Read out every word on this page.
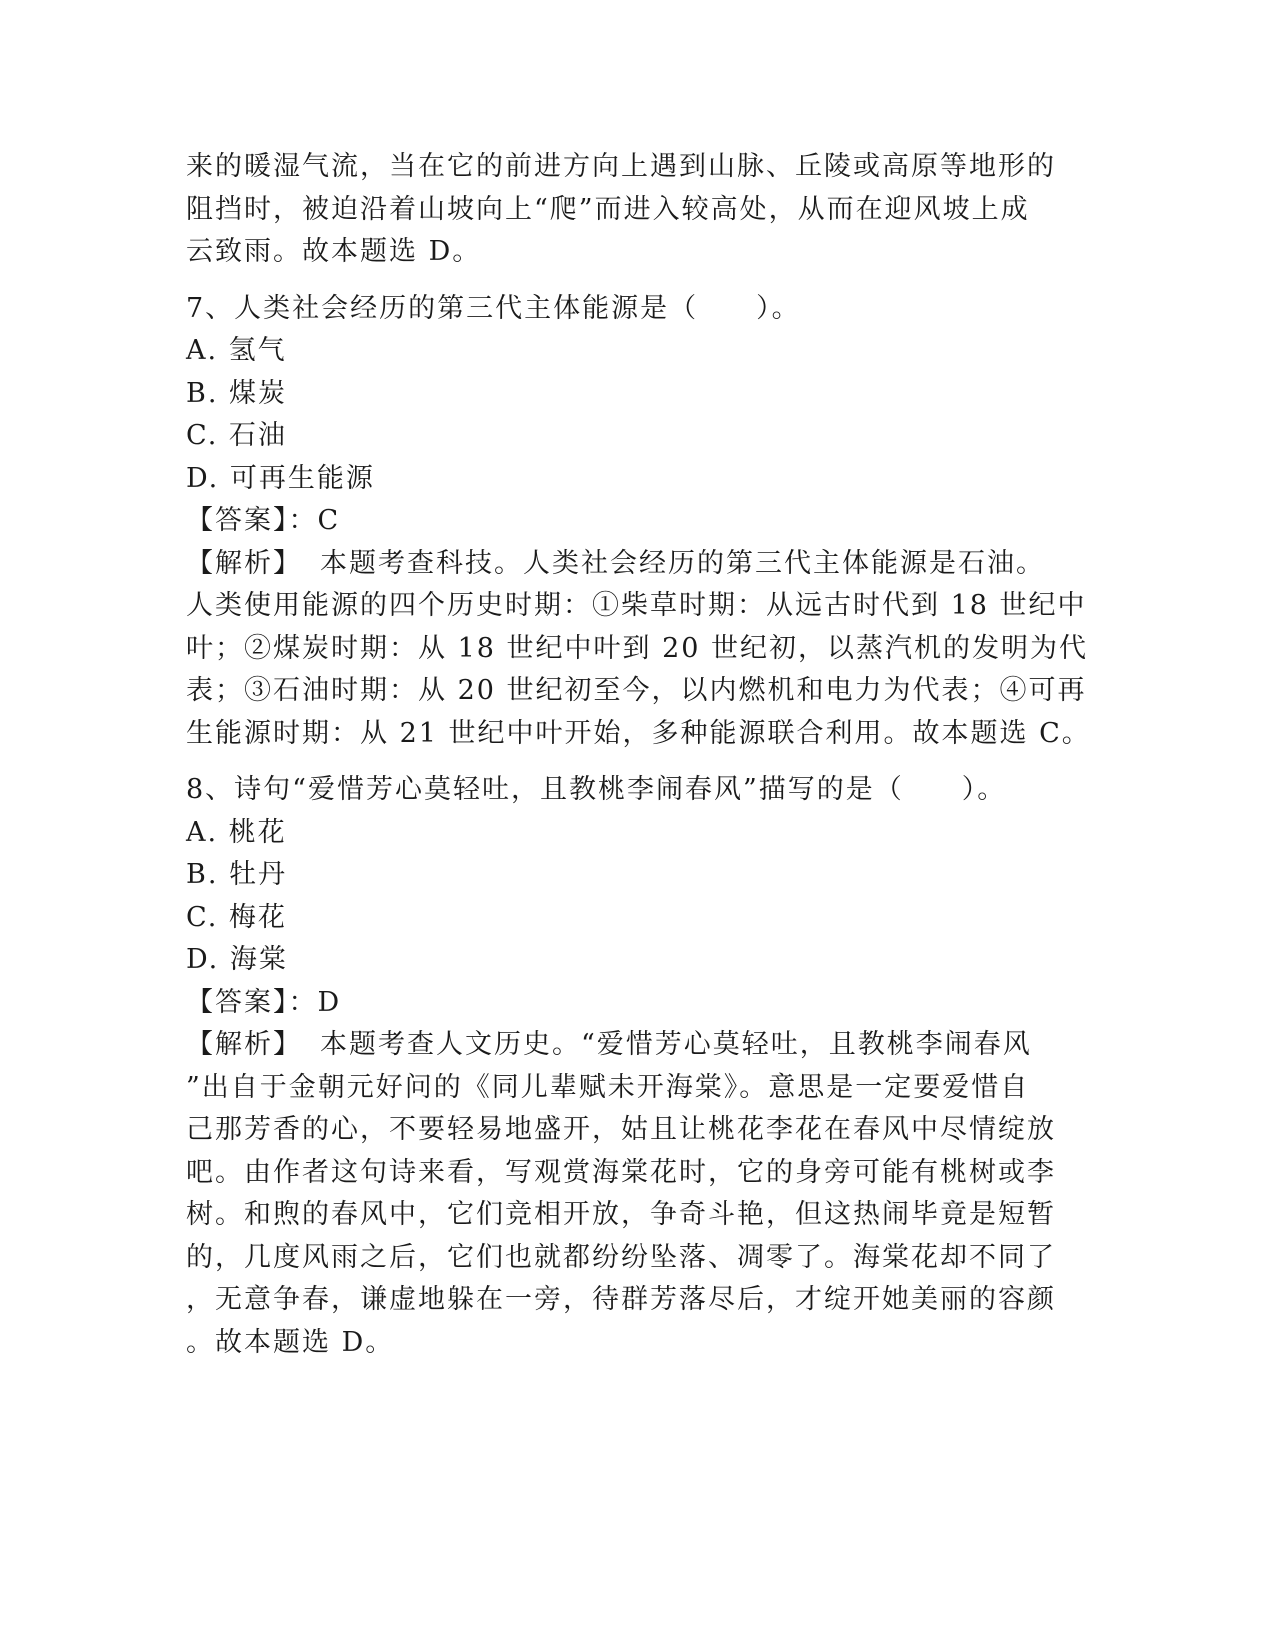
来的暖湿气流，当在它的前进方向上遇到山脉、丘陵或高原等地形的
阻挡时，被迫沿着山坡向上“爬”而进入较高处，从而在迎风坡上成
云致雨。故本题选 D。
7、人类社会经历的第三代主体能源是（　　）。
A. 氢气
B. 煤炭
C. 石油
D. 可再生能源
【答案】：C
【解析】 本题考查科技。人类社会经历的第三代主体能源是石油。
人类使用能源的四个历史时期：①柴草时期：从远古时代到 18 世纪中
叶；②煤炭时期：从 18 世纪中叶到 20 世纪初，以蒸汽机的发明为代
表；③石油时期：从 20 世纪初至今，以内燃机和电力为代表；④可再
生能源时期：从 21 世纪中叶开始，多种能源联合利用。故本题选 C。
8、诗句“爱惜芳心莫轻吐，且教桃李闹春风”描写的是（　　）。
A. 桃花
B. 牡丹
C. 梅花
D. 海棠
【答案】：D
【解析】 本题考查人文历史。“爱惜芳心莫轻吐，且教桃李闹春风
”出自于金朝元好问的《同儿辈赋未开海棠》。意思是一定要爱惜自
己那芳香的心，不要轻易地盛开，姑且让桃花李花在春风中尽情绽放
吧。由作者这句诗来看，写观赏海棠花时，它的身旁可能有桃树或李
树。和煦的春风中，它们竞相开放，争奇斗艳，但这热闹毕竟是短暂
的，几度风雨之后，它们也就都纷纷坠落、凋零了。海棠花却不同了
，无意争春，谦虚地躲在一旁，待群芳落尽后，才绽开她美丽的容颜
。故本题选 D。
